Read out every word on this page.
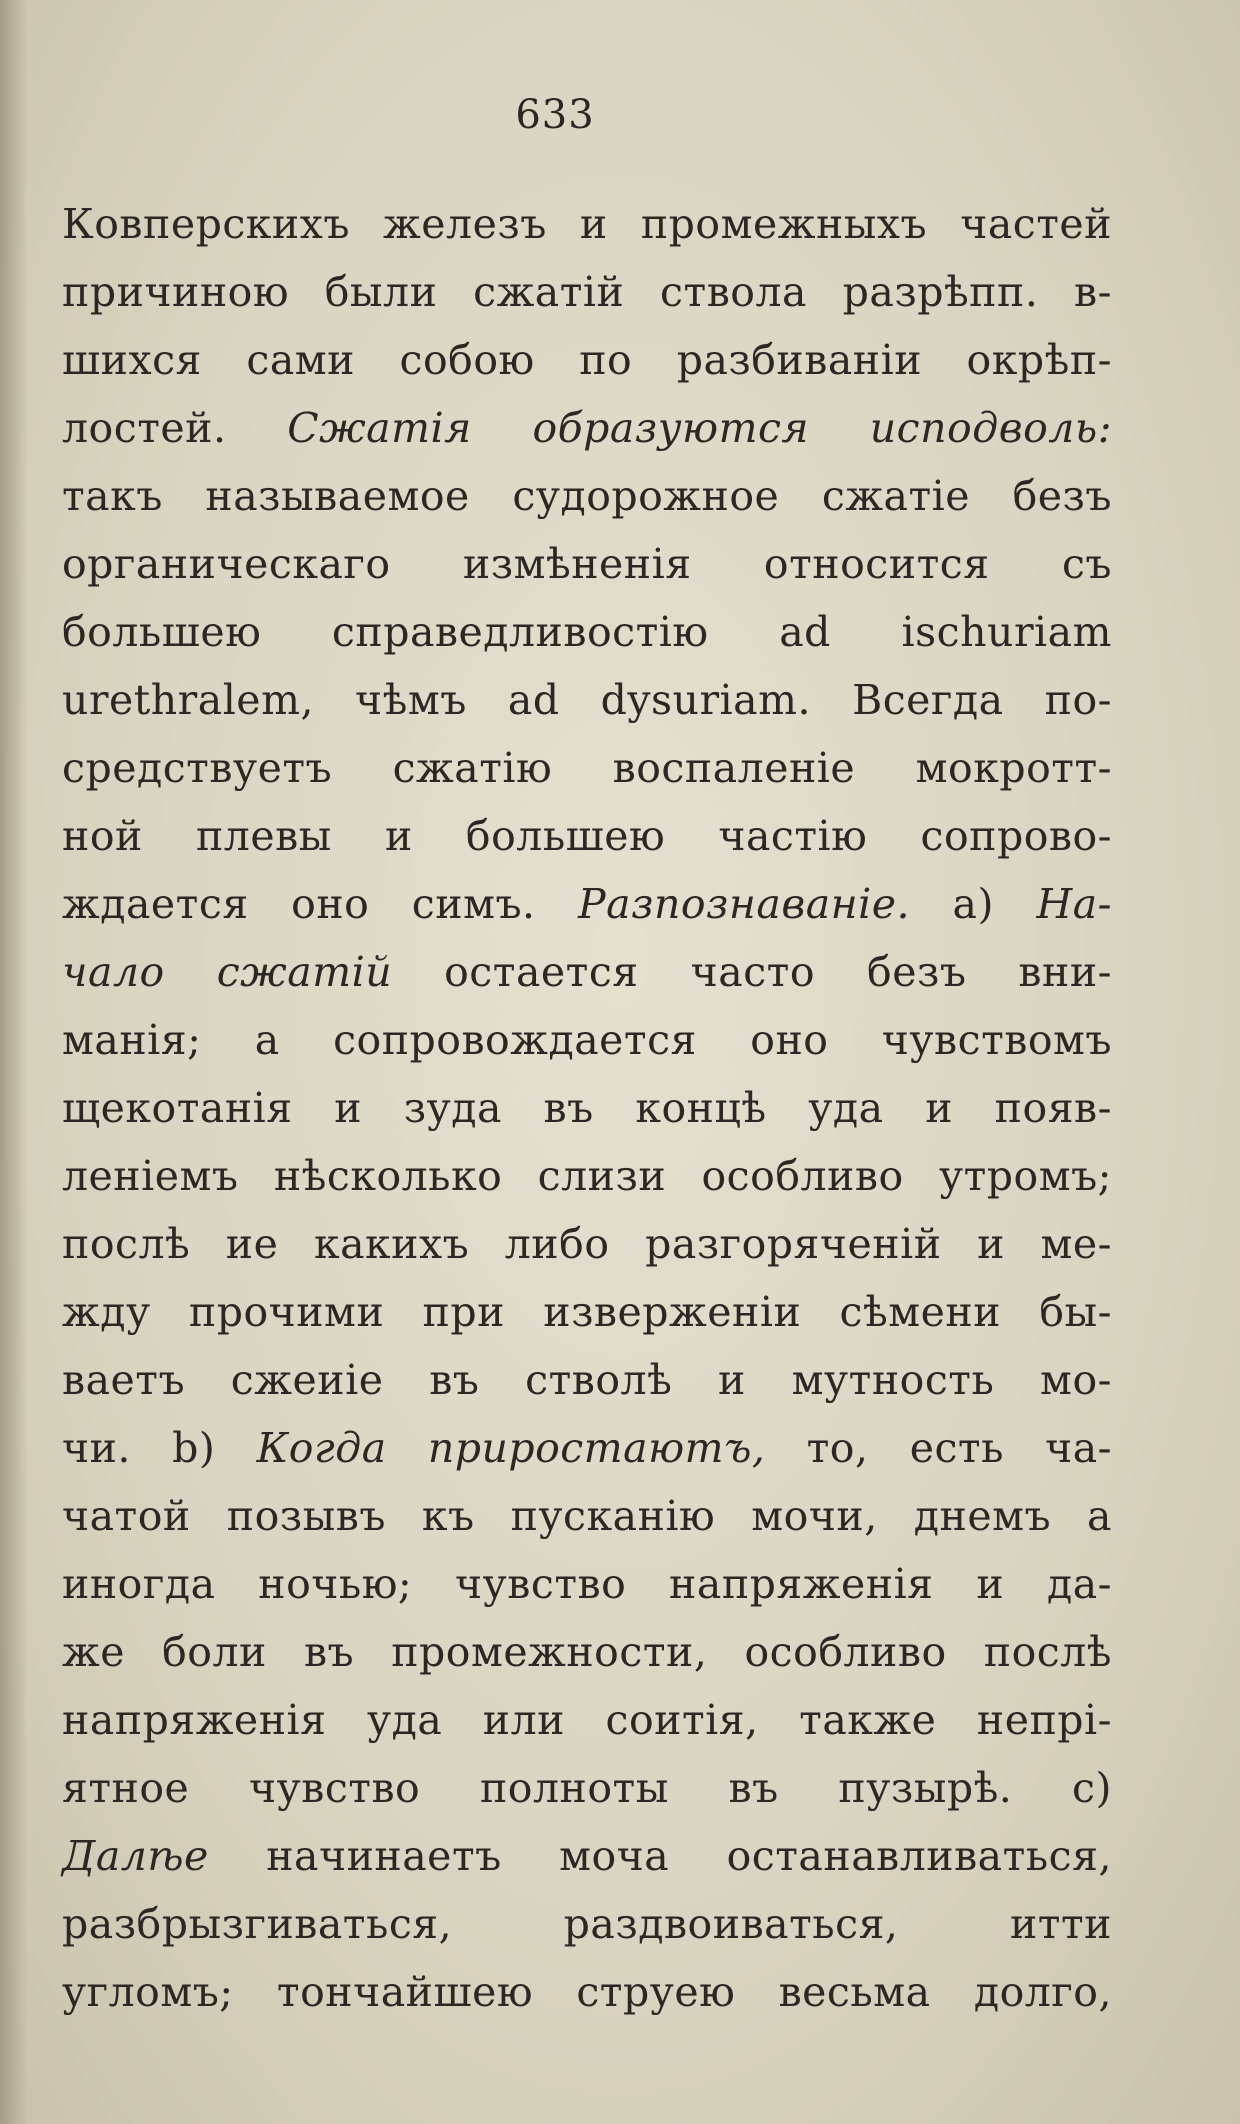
633
Ковперскихъ железъ и промежныхъ частей
причиною были сжатій ствола разрѣпп. в-
шихся сами собою по разбиваніи окрѣп-
лостей. Сжатія образуются исподволь:
такъ называемое судорожное сжатіе безъ
органическаго измѣненія относится съ
большею справедливостію ad ischuriam
urethralem, чѣмъ ad dysuriam. Всегда по-
средствуетъ сжатію воспаленіе мокротт-
ной плевы и большею частію сопрово-
ждается оно симъ. Разпознаваніе. a) На-
чало сжатій остается часто безъ вни-
манія; а сопровождается оно чувствомъ
щекотанія и зуда въ концѣ уда и появ-
леніемъ нѣсколько слизи особливо утромъ;
послѣ ие какихъ либо разгоряченій и ме-
жду прочими при изверженіи сѣмени бы-
ваетъ сжеиіе въ стволѣ и мутность мо-
чи. b) Когда приростаютъ, то, есть ча-
чатой позывъ къ пусканію мочи, днемъ а
иногда ночью; чувство напряженія и да-
же боли въ промежности, особливо послѣ
напряженія уда или соитія, также непрі-
ятное чувство полноты въ пузырѣ. c)
Далѣе начинаетъ моча останавливаться,
разбрызгиваться, раздвоиваться, итти
угломъ; тончайшею струею весьма долго,
